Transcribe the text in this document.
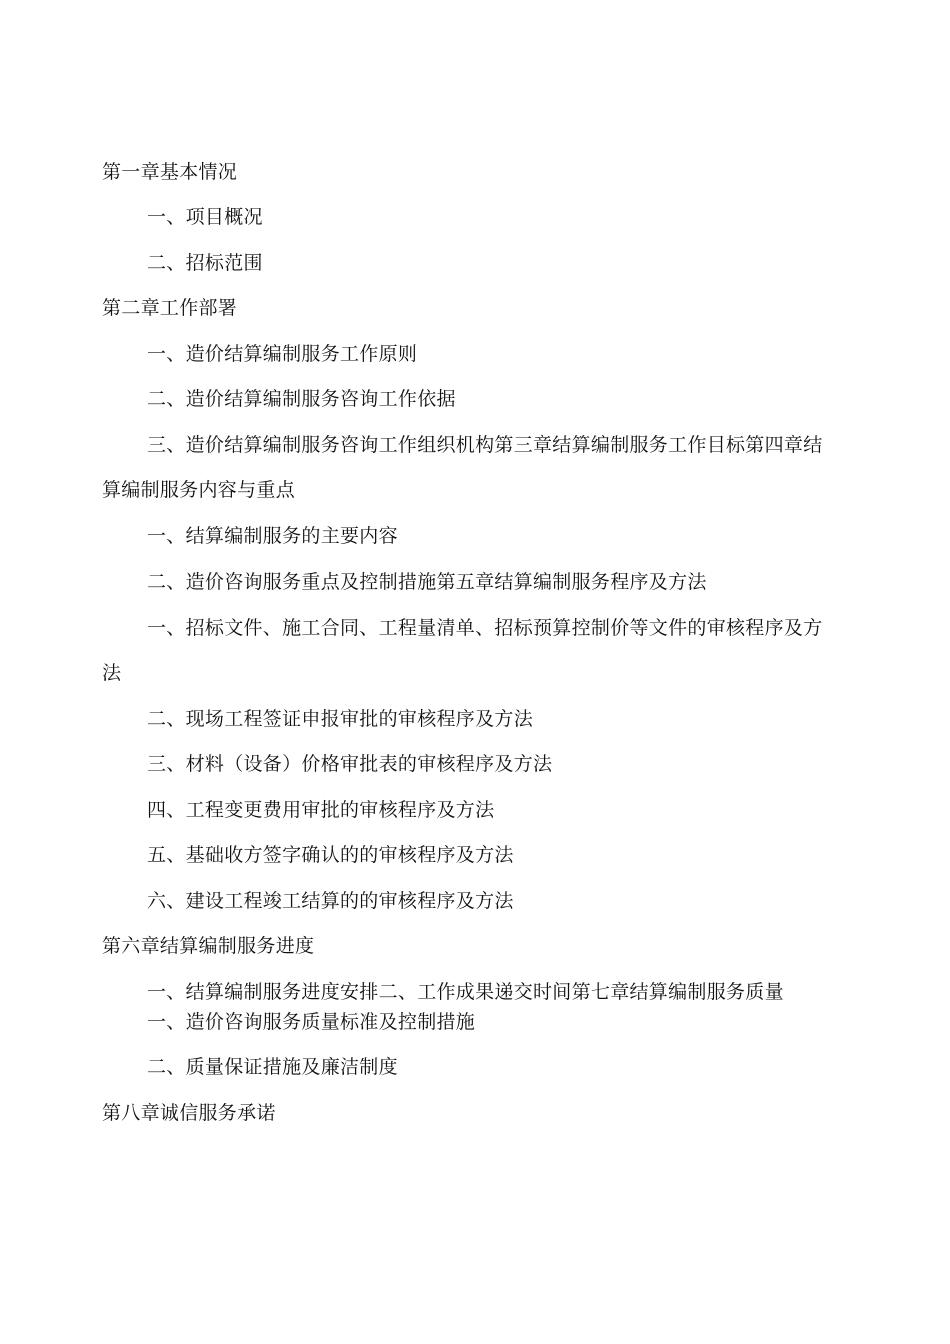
第一章基本情况
一、项目概况
二、招标范围
第二章工作部署
一、造价结算编制服务工作原则
二、造价结算编制服务咨询工作依据
三、造价结算编制服务咨询工作组织机构第三章结算编制服务工作目标第四章结
算编制服务内容与重点
一、结算编制服务的主要内容
二、造价咨询服务重点及控制措施第五章结算编制服务程序及方法
一、招标文件、施工合同、工程量清单、招标预算控制价等文件的审核程序及方
法
二、现场工程签证申报审批的审核程序及方法
三、材料（设备）价格审批表的审核程序及方法
四、工程变更费用审批的审核程序及方法
五、基础收方签字确认的的审核程序及方法
六、建设工程竣工结算的的审核程序及方法
第六章结算编制服务进度
一、结算编制服务进度安排二、工作成果递交时间第七章结算编制服务质量
一、造价咨询服务质量标准及控制措施
二、质量保证措施及廉洁制度
第八章诚信服务承诺
